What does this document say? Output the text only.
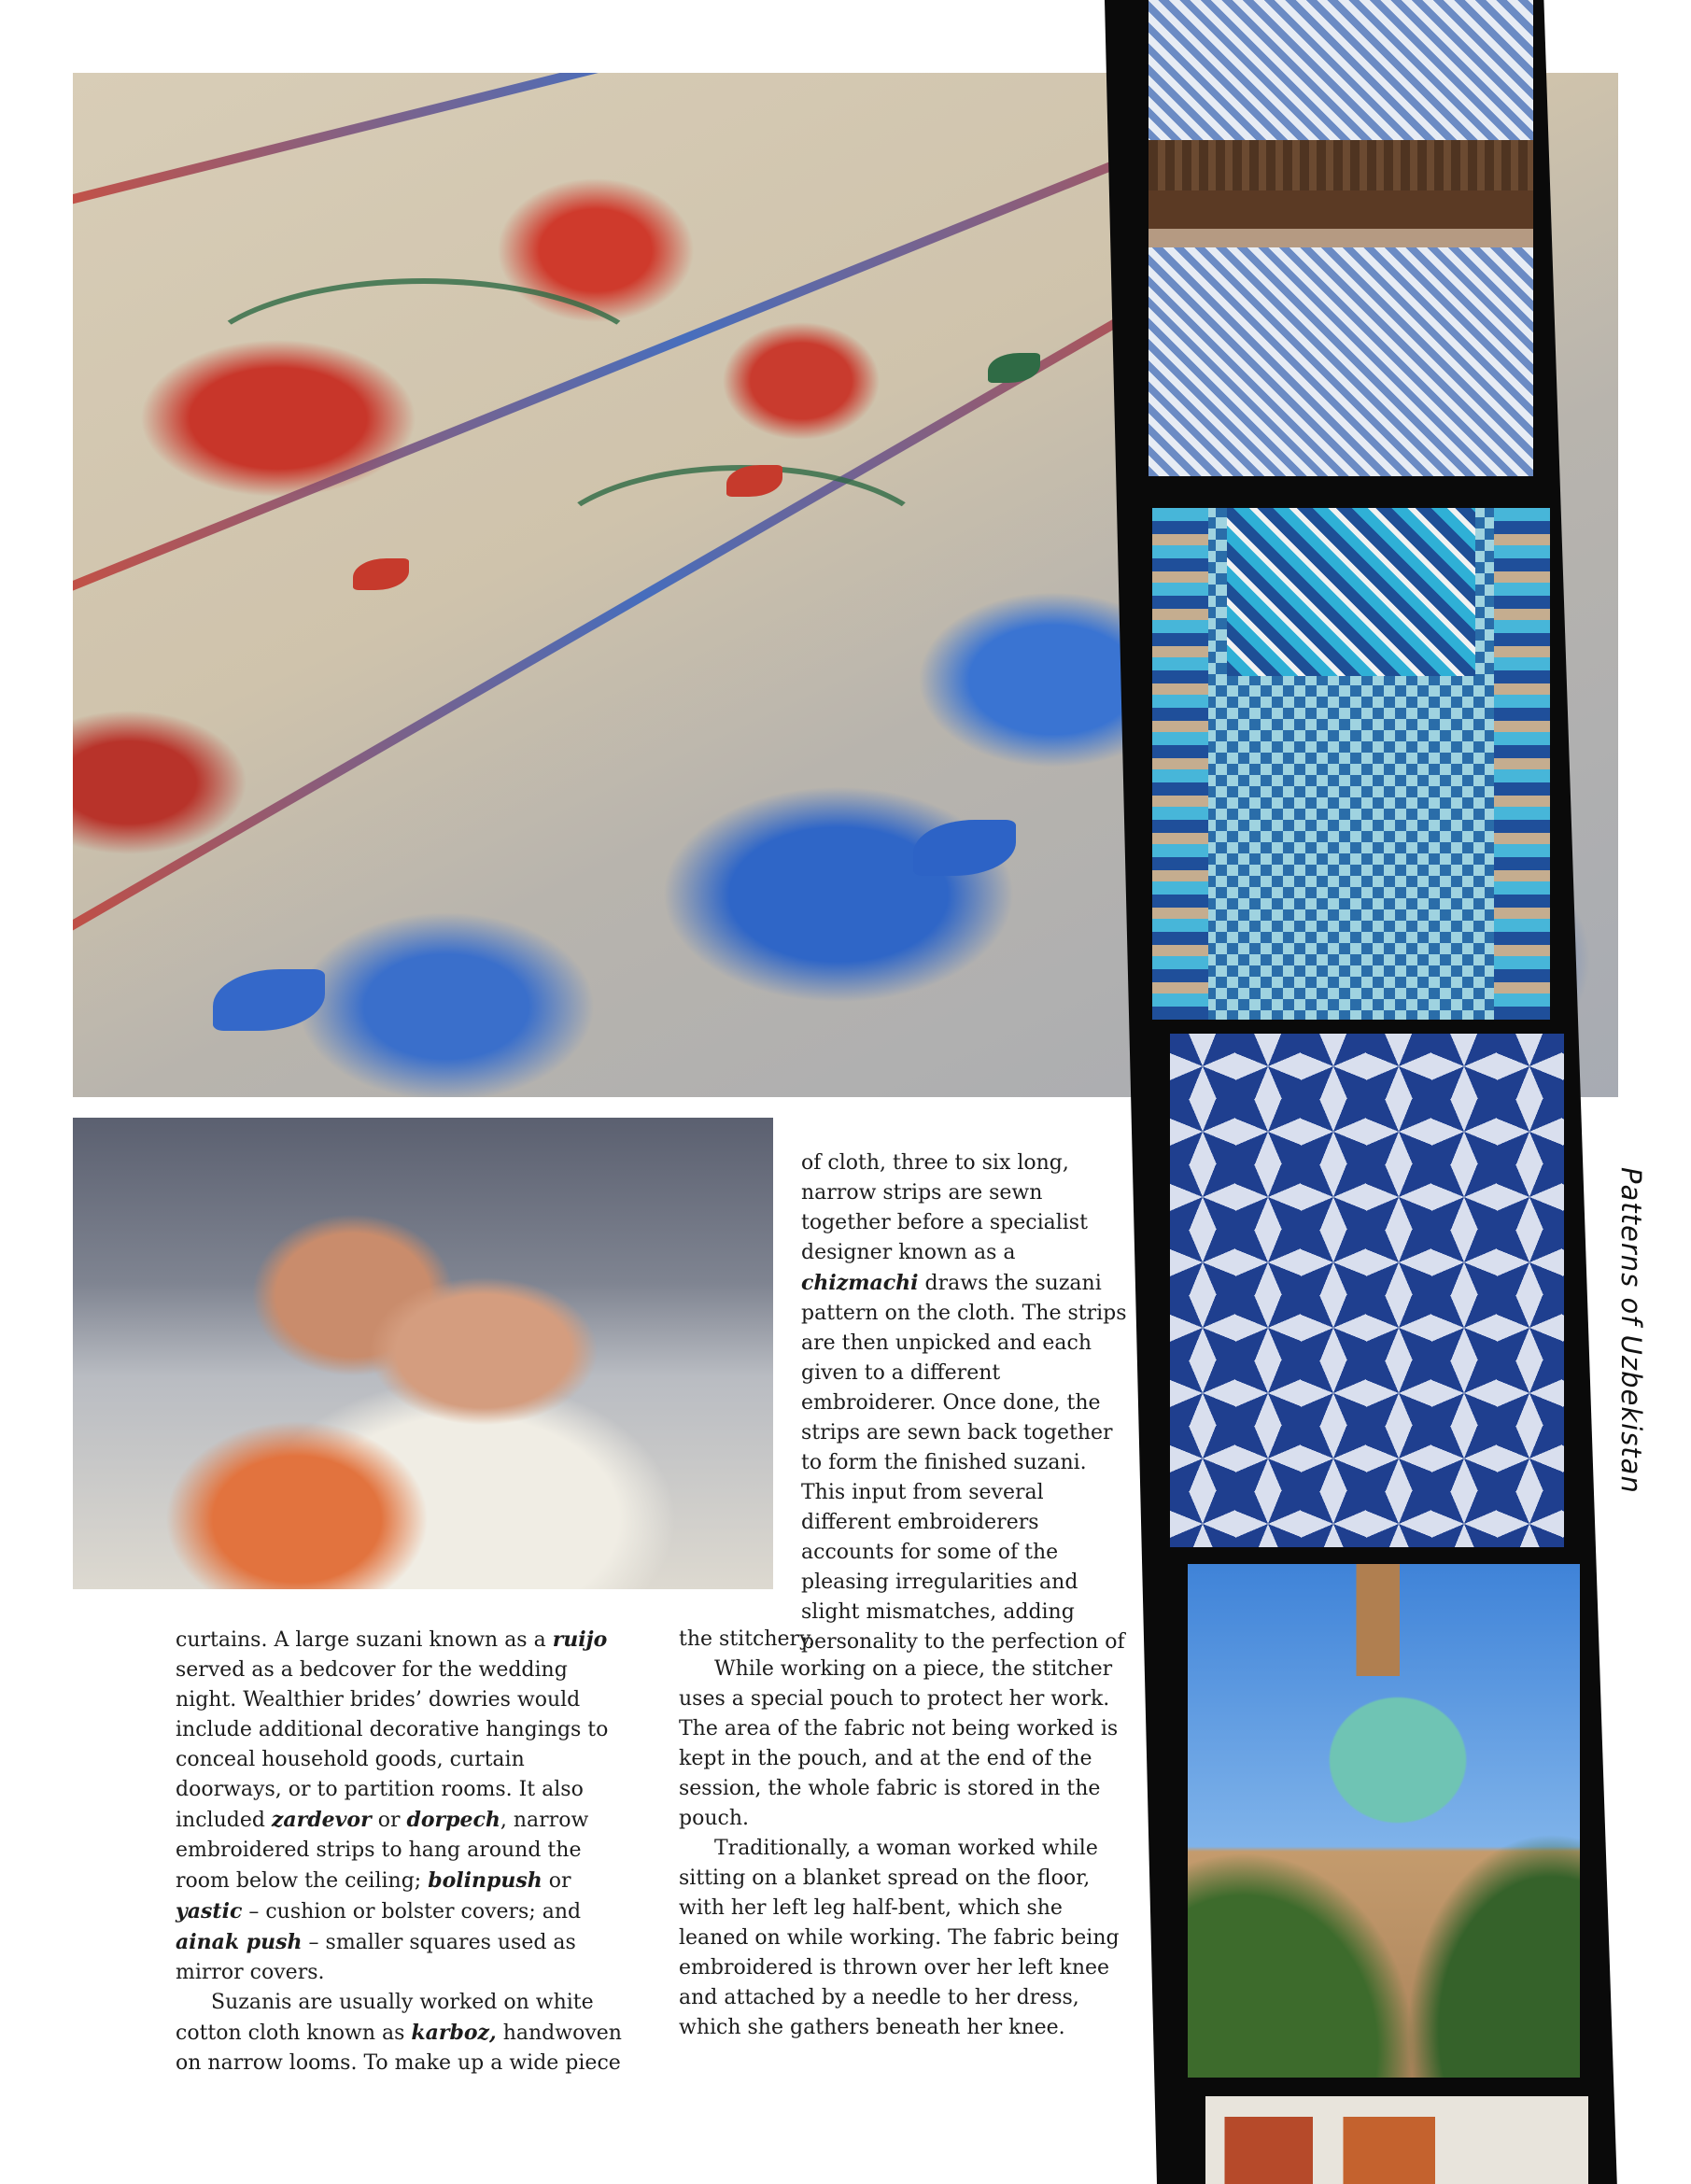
Patterns of Uzbekistan

of cloth, three to six long, narrow strips are sewn together before a specialist designer known as a chizmachi draws the suzani pattern on the cloth. The strips are then unpicked and each given to a different embroiderer. Once done, the strips are sewn back together to form the finished suzani. This input from several different embroiderers accounts for some of the pleasing irregularities and slight mismatches, adding personality to the perfection of

curtains. A large suzani known as a ruijo served as a bedcover for the wedding night. Wealthier brides’ dowries would include additional decorative hangings to conceal household goods, curtain doorways, or to partition rooms. It also included zardevor or dorpech, narrow embroidered strips to hang around the room below the ceiling; bolinpush or yastic – cushion or bolster covers; and ainak push – smaller squares used as mirror covers.

Suzanis are usually worked on white cotton cloth known as karboz, handwoven on narrow looms. To make up a wide piece

the stitchery.

While working on a piece, the stitcher uses a special pouch to protect her work. The area of the fabric not being worked is kept in the pouch, and at the end of the session, the whole fabric is stored in the pouch.

Traditionally, a woman worked while sitting on a blanket spread on the floor, with her left leg half-bent, which she leaned on while working. The fabric being embroidered is thrown over her left knee and attached by a needle to her dress, which she gathers beneath her knee.
